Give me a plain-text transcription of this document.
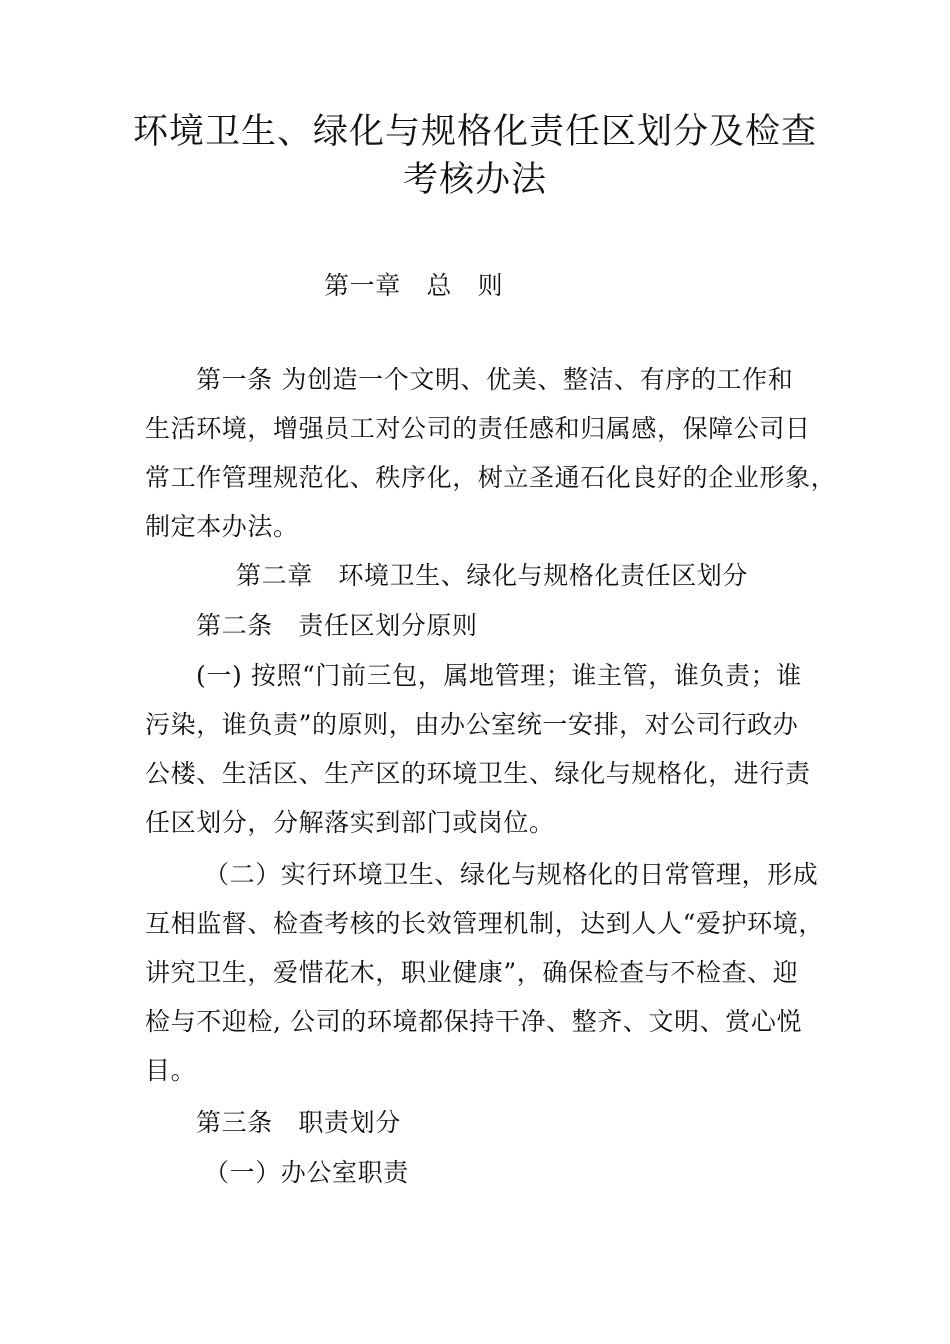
环境卫生、绿化与规格化责任区划分及检查
考核办法
第一章　总　则
第一条 为创造一个文明、优美、整洁、有序的工作和
生活环境，增强员工对公司的责任感和归属感，保障公司日
常工作管理规范化、秩序化，树立圣通石化良好的企业形象，
制定本办法。
第二章　环境卫生、绿化与规格化责任区划分
第二条　责任区划分原则
(一) 按照“门前三包，属地管理；谁主管，谁负责；谁
污染，谁负责”的原则，由办公室统一安排，对公司行政办
公楼、生活区、生产区的环境卫生、绿化与规格化，进行责
任区划分，分解落实到部门或岗位。
（二）实行环境卫生、绿化与规格化的日常管理，形成
互相监督、检查考核的长效管理机制，达到人人“爱护环境，
讲究卫生，爱惜花木，职业健康”，确保检查与不检查、迎
检与不迎检, 公司的环境都保持干净、整齐、文明、赏心悦
目。
第三条　职责划分
（一）办公室职责
